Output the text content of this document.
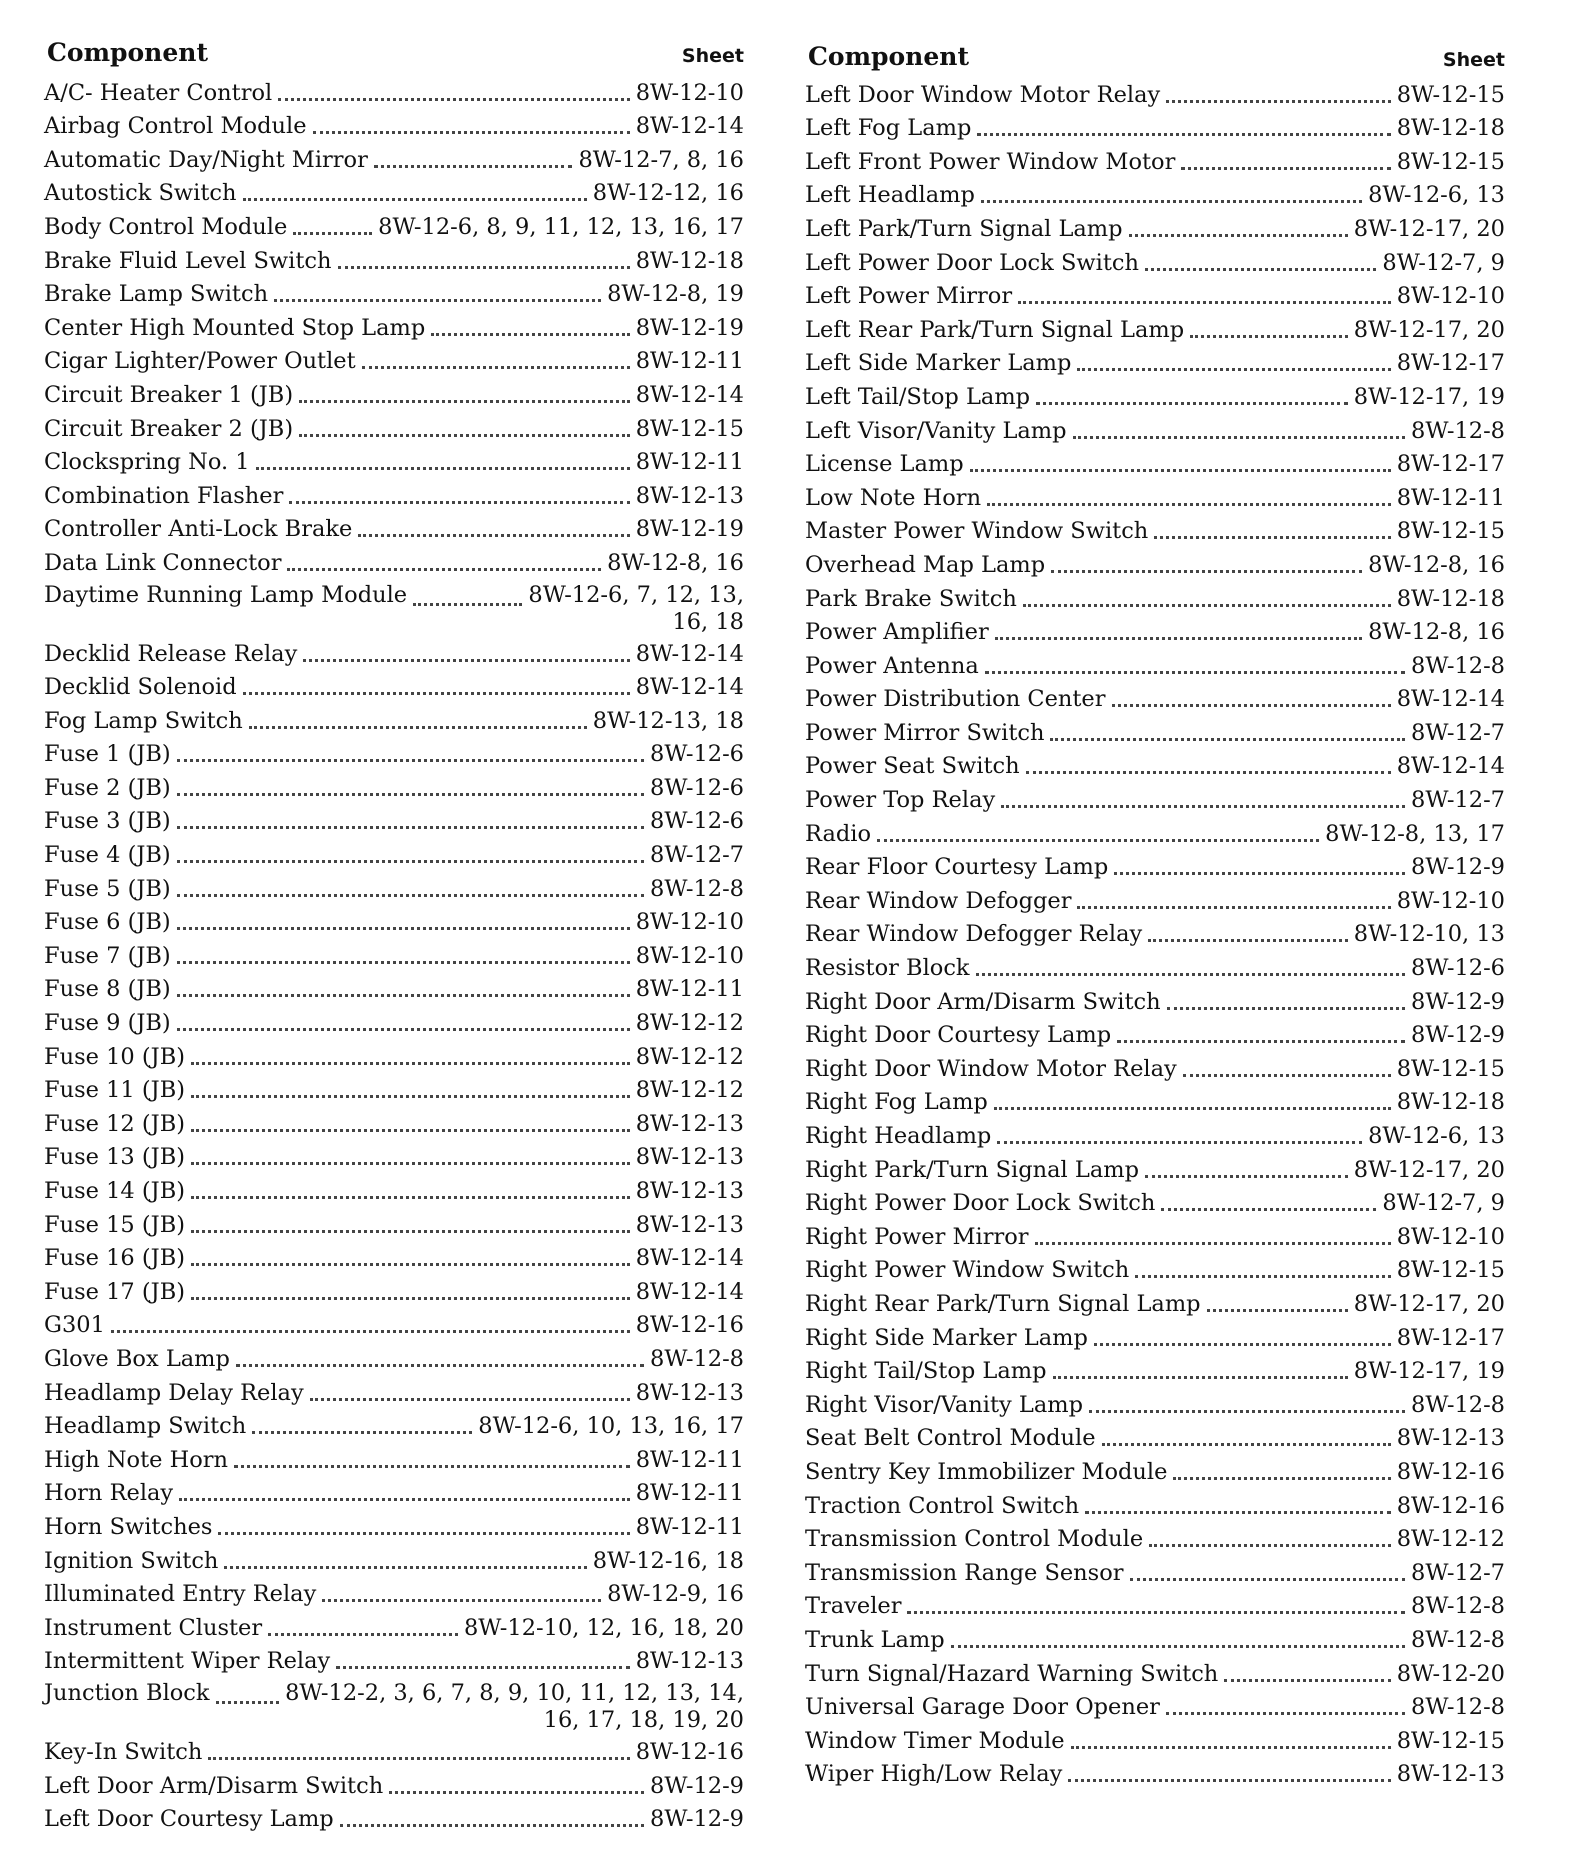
Component	Sheet
A/C- Heater Control	8W-12-10
Airbag Control Module	8W-12-14
Automatic Day/Night Mirror	8W-12-7, 8, 16
Autostick Switch	8W-12-12, 16
Body Control Module	8W-12-6, 8, 9, 11, 12, 13, 16, 17
Brake Fluid Level Switch	8W-12-18
Brake Lamp Switch	8W-12-8, 19
Center High Mounted Stop Lamp	8W-12-19
Cigar Lighter/Power Outlet	8W-12-11
Circuit Breaker 1 (JB)	8W-12-14
Circuit Breaker 2 (JB)	8W-12-15
Clockspring No. 1	8W-12-11
Combination Flasher	8W-12-13
Controller Anti-Lock Brake	8W-12-19
Data Link Connector	8W-12-8, 16
Daytime Running Lamp Module	8W-12-6, 7, 12, 13,
16, 18
Decklid Release Relay	8W-12-14
Decklid Solenoid	8W-12-14
Fog Lamp Switch	8W-12-13, 18
Fuse 1 (JB)	8W-12-6
Fuse 2 (JB)	8W-12-6
Fuse 3 (JB)	8W-12-6
Fuse 4 (JB)	8W-12-7
Fuse 5 (JB)	8W-12-8
Fuse 6 (JB)	8W-12-10
Fuse 7 (JB)	8W-12-10
Fuse 8 (JB)	8W-12-11
Fuse 9 (JB)	8W-12-12
Fuse 10 (JB)	8W-12-12
Fuse 11 (JB)	8W-12-12
Fuse 12 (JB)	8W-12-13
Fuse 13 (JB)	8W-12-13
Fuse 14 (JB)	8W-12-13
Fuse 15 (JB)	8W-12-13
Fuse 16 (JB)	8W-12-14
Fuse 17 (JB)	8W-12-14
G301	8W-12-16
Glove Box Lamp	8W-12-8
Headlamp Delay Relay	8W-12-13
Headlamp Switch	8W-12-6, 10, 13, 16, 17
High Note Horn	8W-12-11
Horn Relay	8W-12-11
Horn Switches	8W-12-11
Ignition Switch	8W-12-16, 18
Illuminated Entry Relay	8W-12-9, 16
Instrument Cluster	8W-12-10, 12, 16, 18, 20
Intermittent Wiper Relay	8W-12-13
Junction Block	8W-12-2, 3, 6, 7, 8, 9, 10, 11, 12, 13, 14,
16, 17, 18, 19, 20
Key-In Switch	8W-12-16
Left Door Arm/Disarm Switch	8W-12-9
Left Door Courtesy Lamp	8W-12-9
Component	Sheet
Left Door Window Motor Relay	8W-12-15
Left Fog Lamp	8W-12-18
Left Front Power Window Motor	8W-12-15
Left Headlamp	8W-12-6, 13
Left Park/Turn Signal Lamp	8W-12-17, 20
Left Power Door Lock Switch	8W-12-7, 9
Left Power Mirror	8W-12-10
Left Rear Park/Turn Signal Lamp	8W-12-17, 20
Left Side Marker Lamp	8W-12-17
Left Tail/Stop Lamp	8W-12-17, 19
Left Visor/Vanity Lamp	8W-12-8
License Lamp	8W-12-17
Low Note Horn	8W-12-11
Master Power Window Switch	8W-12-15
Overhead Map Lamp	8W-12-8, 16
Park Brake Switch	8W-12-18
Power Amplifier	8W-12-8, 16
Power Antenna	8W-12-8
Power Distribution Center	8W-12-14
Power Mirror Switch	8W-12-7
Power Seat Switch	8W-12-14
Power Top Relay	8W-12-7
Radio	8W-12-8, 13, 17
Rear Floor Courtesy Lamp	8W-12-9
Rear Window Defogger	8W-12-10
Rear Window Defogger Relay	8W-12-10, 13
Resistor Block	8W-12-6
Right Door Arm/Disarm Switch	8W-12-9
Right Door Courtesy Lamp	8W-12-9
Right Door Window Motor Relay	8W-12-15
Right Fog Lamp	8W-12-18
Right Headlamp	8W-12-6, 13
Right Park/Turn Signal Lamp	8W-12-17, 20
Right Power Door Lock Switch	8W-12-7, 9
Right Power Mirror	8W-12-10
Right Power Window Switch	8W-12-15
Right Rear Park/Turn Signal Lamp	8W-12-17, 20
Right Side Marker Lamp	8W-12-17
Right Tail/Stop Lamp	8W-12-17, 19
Right Visor/Vanity Lamp	8W-12-8
Seat Belt Control Module	8W-12-13
Sentry Key Immobilizer Module	8W-12-16
Traction Control Switch	8W-12-16
Transmission Control Module	8W-12-12
Transmission Range Sensor	8W-12-7
Traveler	8W-12-8
Trunk Lamp	8W-12-8
Turn Signal/Hazard Warning Switch	8W-12-20
Universal Garage Door Opener	8W-12-8
Window Timer Module	8W-12-15
Wiper High/Low Relay	8W-12-13
